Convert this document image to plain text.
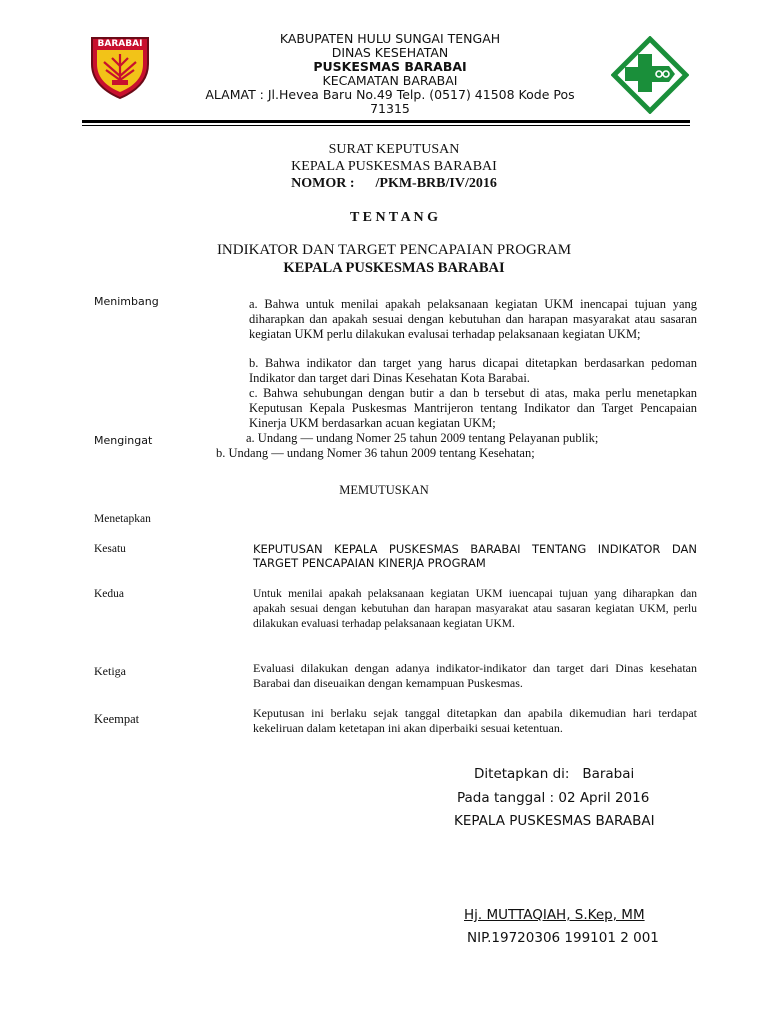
BARABAI	KABUPATEN HULU SUNGAI TENGAH
DINAS KESEHATAN
PUSKESMAS BARABAI
KECAMATAN BARABAI
ALAMAT : Jl.Hevea Baru No.49 Telp. (0517) 41508 Kode Pos
71315
SURAT KEPUTUSAN
KEPALA PUSKESMAS BARABAI
NOMOR :      /PKM-BRB/IV/2016
T E N T A N G
INDIKATOR DAN TARGET PENCAPAIAN PROGRAM
KEPALA PUSKESMAS BARABAI
Menimbang	a. Bahwa untuk menilai apakah pelaksanaan kegiatan UKM inencapai tujuan yang diharapkan dan apakah sesuai dengan kebutuhan dan harapan masyarakat atau sasaran kegiatan UKM perlu dilakukan evalusai terhadap pelaksanaan kegiatan UKM;
b. Bahwa indikator dan target yang harus dicapai ditetapkan berdasarkan pedoman Indikator dan target dari Dinas Kesehatan Kota Barabai.
c. Bahwa sehubungan dengan butir a dan b tersebut di atas, maka perlu menetapkan Keputusan Kepala Puskesmas Mantrijeron tentang Indikator dan Target Pencapaian Kinerja UKM berdasarkan acuan kegiatan UKM;
Mengingat	a. Undang — undang Nomer 25 tahun 2009 tentang Pelayanan publik;
b. Undang — undang Nomer 36 tahun 2009 tentang Kesehatan;
MEMUTUSKAN
Menetapkan
Kesatu	KEPUTUSAN KEPALA PUSKESMAS BARABAI TENTANG INDIKATOR DAN TARGET PENCAPAIAN KINERJA PROGRAM
Kedua	Untuk menilai apakah pelaksanaan kegiatan UKM iuencapai tujuan yang diharapkan dan apakah sesuai dengan kebutuhan dan harapan masyarakat atau sasaran kegiatan UKM, perlu dilakukan evaluasi terhadap pelaksanaan kegiatan UKM.
Ketiga	Evaluasi dilakukan dengan adanya indikator-indikator dan target dari Dinas kesehatan Barabai dan diseuaikan dengan kemampuan Puskesmas.
Keempat	Keputusan ini berlaku sejak tanggal ditetapkan dan apabila dikemudian hari terdapat kekeliruan dalam ketetapan ini akan diperbaiki sesuai ketentuan.
Ditetapkan di:   Barabai
Pada tanggal : 02 April 2016
KEPALA PUSKESMAS BARABAI
Hj. MUTTAQIAH, S.Kep, MM
NIP.19720306 199101 2 001
